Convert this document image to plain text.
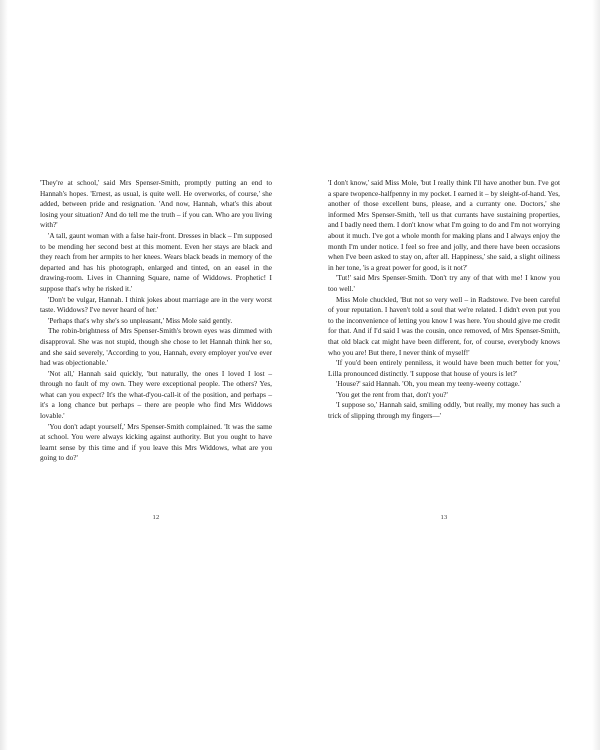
'They're at school,' said Mrs Spenser-Smith, promptly putting an end to Hannah's hopes. 'Ernest, as usual, is quite well. He overworks, of course,' she added, between pride and resignation. 'And now, Hannah, what's this about losing your situation? And do tell me the truth – if you can. Who are you living with?'

'A tall, gaunt woman with a false hair-front. Dresses in black – I'm supposed to be mending her second best at this moment. Even her stays are black and they reach from her armpits to her knees. Wears black beads in memory of the departed and has his photograph, enlarged and tinted, on an easel in the drawing-room. Lives in Channing Square, name of Widdows. Prophetic! I suppose that's why he risked it.'

'Don't be vulgar, Hannah. I think jokes about marriage are in the very worst taste. Widdows? I've never heard of her.'

'Perhaps that's why she's so unpleasant,' Miss Mole said gently.

The robin-brightness of Mrs Spenser-Smith's brown eyes was dimmed with disapproval. She was not stupid, though she chose to let Hannah think her so, and she said severely, 'According to you, Hannah, every employer you've ever had was objectionable.'

'Not all,' Hannah said quickly, 'but naturally, the ones I loved I lost – through no fault of my own. They were exceptional people. The others? Yes, what can you expect? It's the what-d'you-call-it of the position, and perhaps – it's a long chance but perhaps – there are people who find Mrs Widdows lovable.'

'You don't adapt yourself,' Mrs Spenser-Smith complained. 'It was the same at school. You were always kicking against authority. But you ought to have learnt sense by this time and if you leave this Mrs Widdows, what are you going to do?'

12

'I don't know,' said Miss Mole, 'but I really think I'll have another bun. I've got a spare twopence-halfpenny in my pocket. I earned it – by sleight-of-hand. Yes, another of those excellent buns, please, and a curranty one. Doctors,' she informed Mrs Spenser-Smith, 'tell us that currants have sustaining properties, and I badly need them. I don't know what I'm going to do and I'm not worrying about it much. I've got a whole month for making plans and I always enjoy the month I'm under notice. I feel so free and jolly, and there have been occasions when I've been asked to stay on, after all. Happiness,' she said, a slight oiliness in her tone, 'is a great power for good, is it not?'

'Tut!' said Mrs Spenser-Smith. 'Don't try any of that with me! I know you too well.'

Miss Mole chuckled, 'But not so very well – in Radstowe. I've been careful of your reputation. I haven't told a soul that we're related. I didn't even put you to the inconvenience of letting you know I was here. You should give me credit for that. And if I'd said I was the cousin, once removed, of Mrs Spenser-Smith, that old black cat might have been different, for, of course, everybody knows who you are! But there, I never think of myself!'

'If you'd been entirely penniless, it would have been much better for you,' Lilla pronounced distinctly. 'I suppose that house of yours is let?'

'House?' said Hannah. 'Oh, you mean my teeny-weeny cottage.'

'You get the rent from that, don't you?'

'I suppose so,' Hannah said, smiling oddly, 'but really, my money has such a trick of slipping through my fingers—'

13
